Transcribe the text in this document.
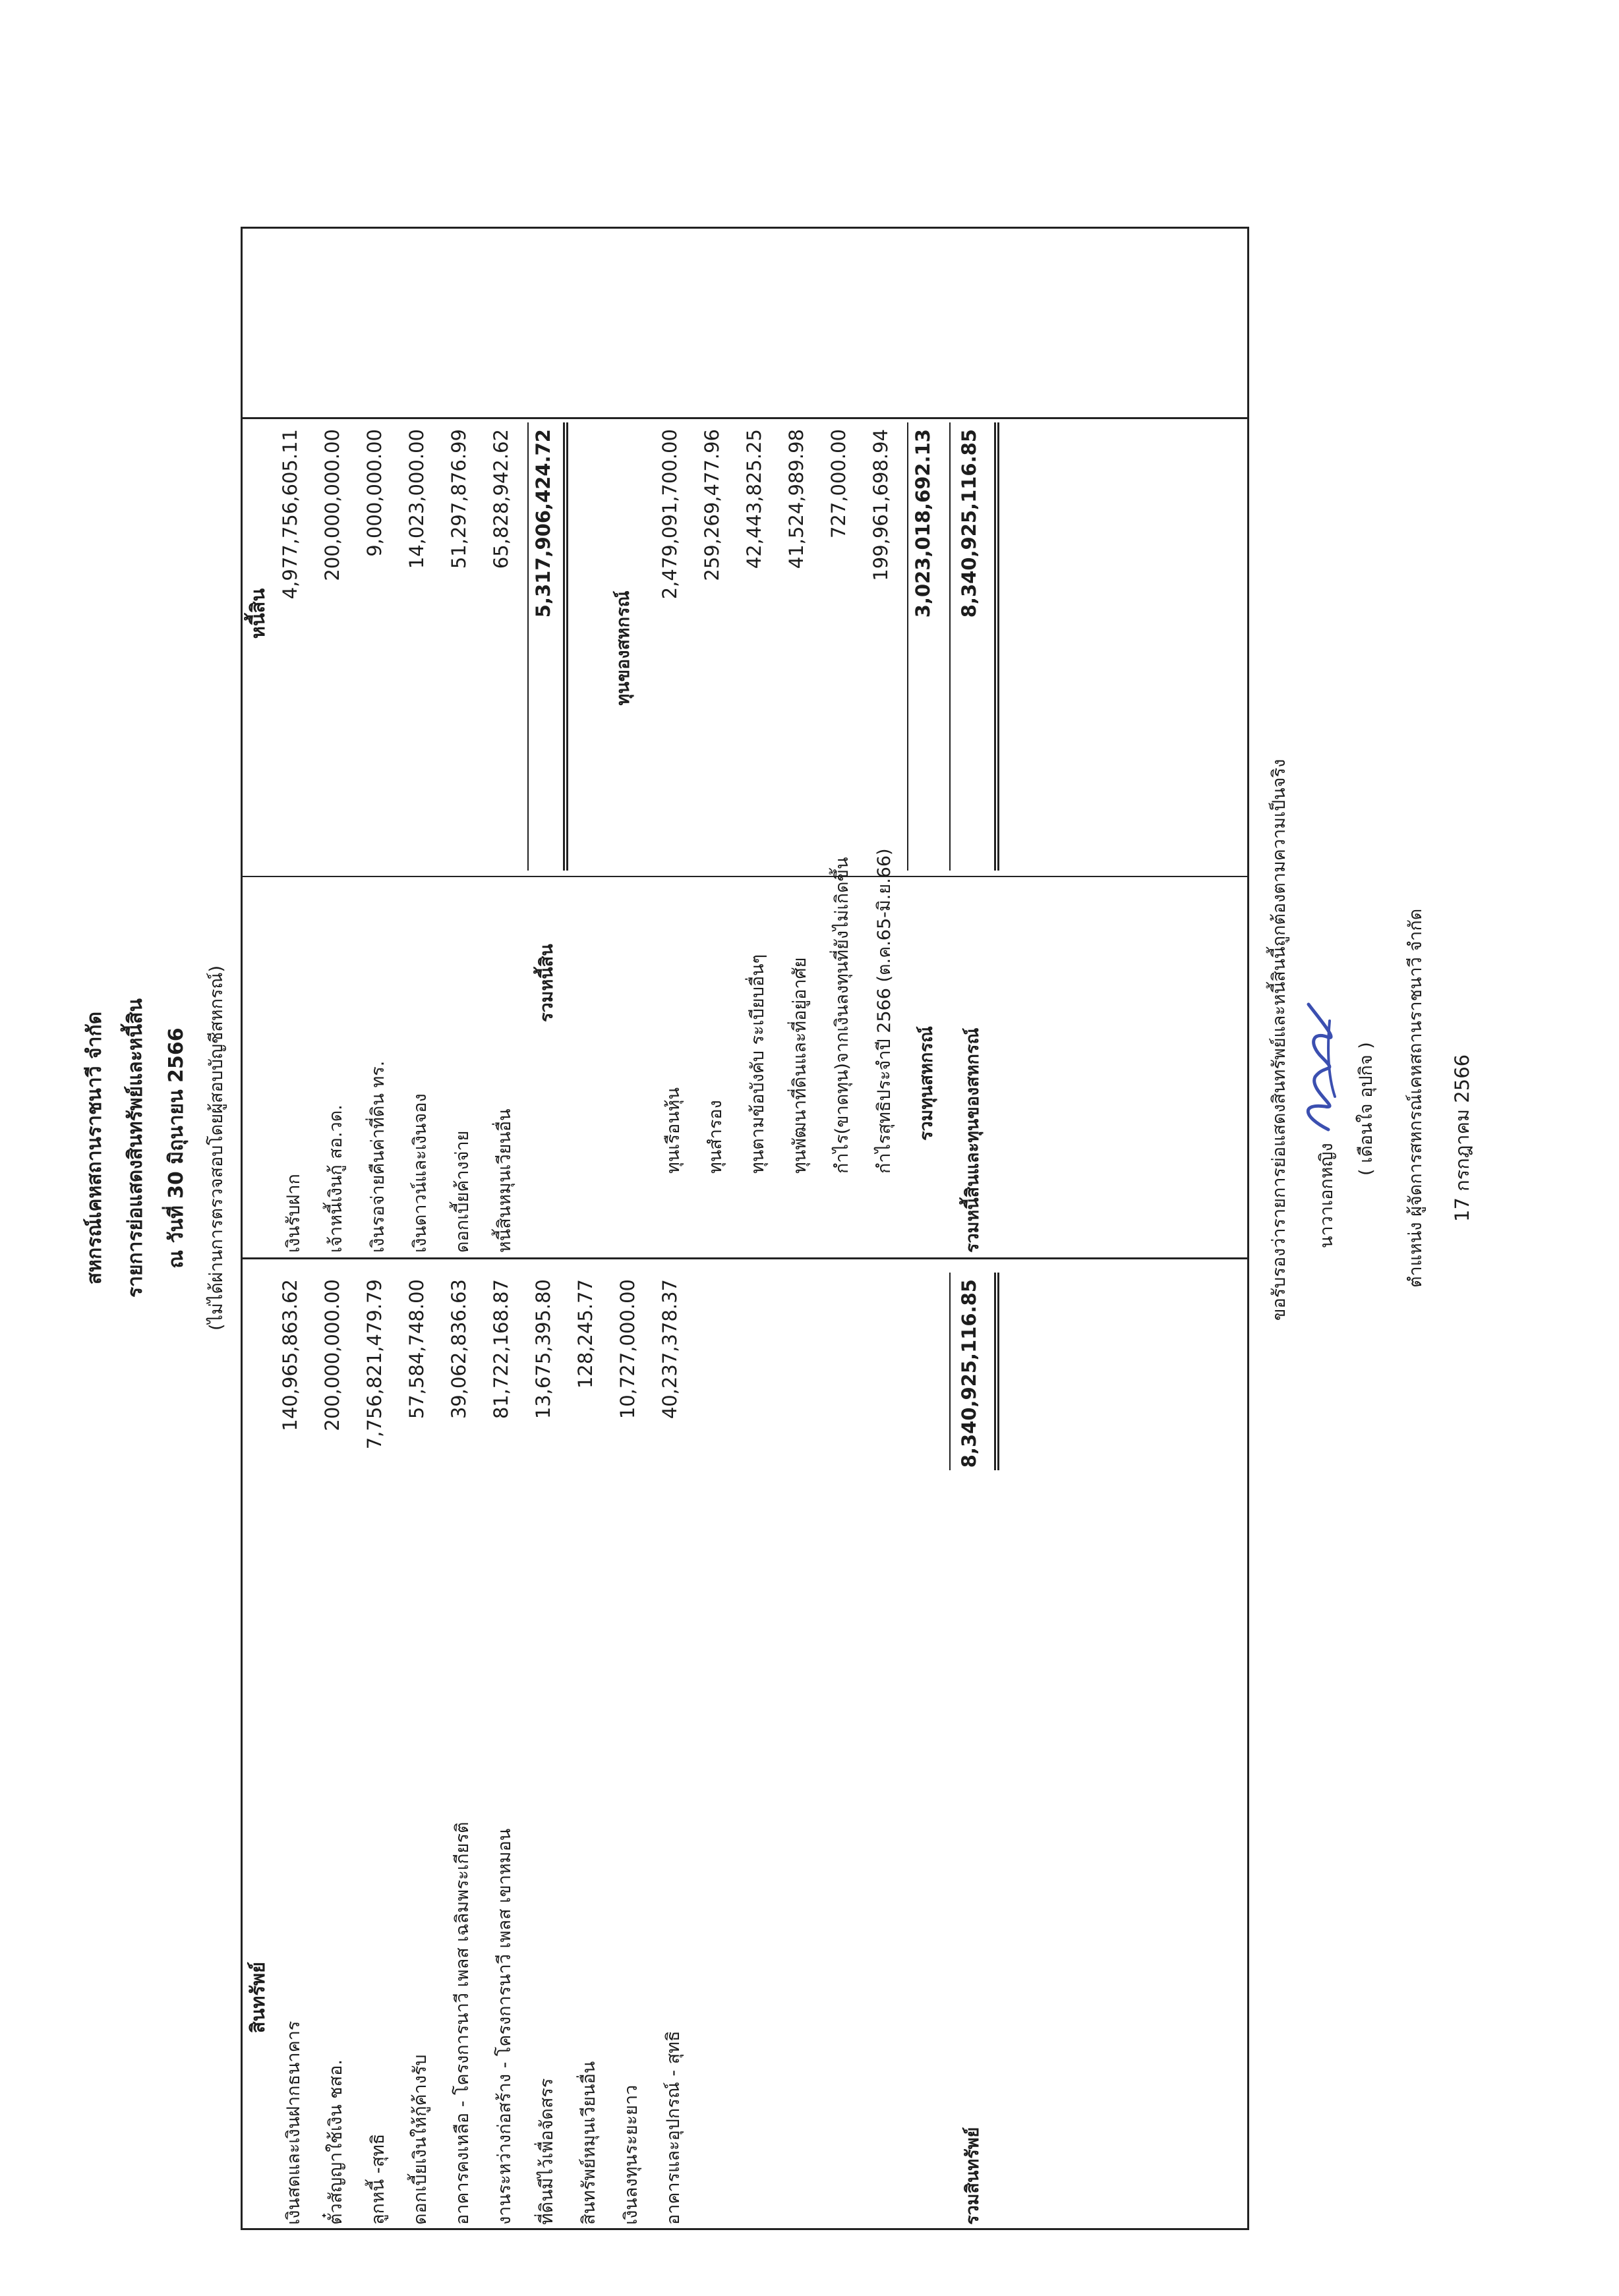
สหกรณ์เคหสถานราชนาวี จำกัด รายการย่อแสดงสินทรัพย์และหนี้สิน ณ วันที่ 30 มิถุนายน 2566 (ไม่ได้ผ่านการตรวจสอบโดยผู้สอบบัญชีสหกรณ์)
สินทรัพย์
หนี้สิน
เงินสดและเงินฝากธนาคาร ตั๋วสัญญาใช้เงิน ชสอ. ลูกหนี้ -สุทธิ ดอกเบี้ยเงินให้กู้ค้างรับ อาคารคงเหลือ - โครงการนาวี เพลส เฉลิมพระเกียรติ งานระหว่างก่อสร้าง - โครงการนาวี เพลส เขาหมอน ที่ดินมีไว้เพื่อจัดสรร สินทรัพย์หมุนเวียนอื่น เงินลงทุนระยะยาว อาคารและอุปกรณ์ - สุทธิ
140,965,863.62 200,000,000.00 7,756,821,479.79 57,584,748.00 39,062,836.63 81,722,168.87 13,675,395.80 128,245.77 10,727,000.00 40,237,378.37
เงินรับฝาก เจ้าหนี้เงินกู้ สอ.วด. เงินรอจ่ายคืนค่าที่ดิน ทร. เงินดาวน์และเงินจอง ดอกเบี้ยค้างจ่าย หนี้สินหมุนเวียนอื่น
รวมหนี้สิน
4,977,756,605.11 200,000,000.00 9,000,000.00 14,023,000.00 51,297,876.99 65,828,942.62 5,317,906,424.72
ทุนของสหกรณ์
ทุนเรือนหุ้น ทุนสำรอง ทุนตามข้อบังคับ ระเบียบอื่นๆ ทุนพัฒนาที่ดินและที่อยู่อาศัย กำไร(ขาดทุน)จากเงินลงทุนที่ยังไม่เกิดขึ้น กำไรสุทธิประจำปี 2566 (ต.ค.65-มิ.ย.66) รวมทุนสหกรณ์ รวมหนี้สินและทุนของสหกรณ์
2,479,091,700.00 259,269,477.96 42,443,825.25 41,524,989.98 727,000.00 199,961,698.94 3,023,018,692.13 8,340,925,116.85
รวมสินทรัพย์
8,340,925,116.85
ขอรับรองว่ารายการย่อแสดงสินทรัพย์และหนี้สินนี้ถูกต้องตามความเป็นจริง นาวาเอกหญิง
( เดือนใจ อุปกิจ ) ตำแหน่ง ผู้จัดการสหกรณ์เคหสถานราชนาวี จำกัด 17 กรกฎาคม 2566
